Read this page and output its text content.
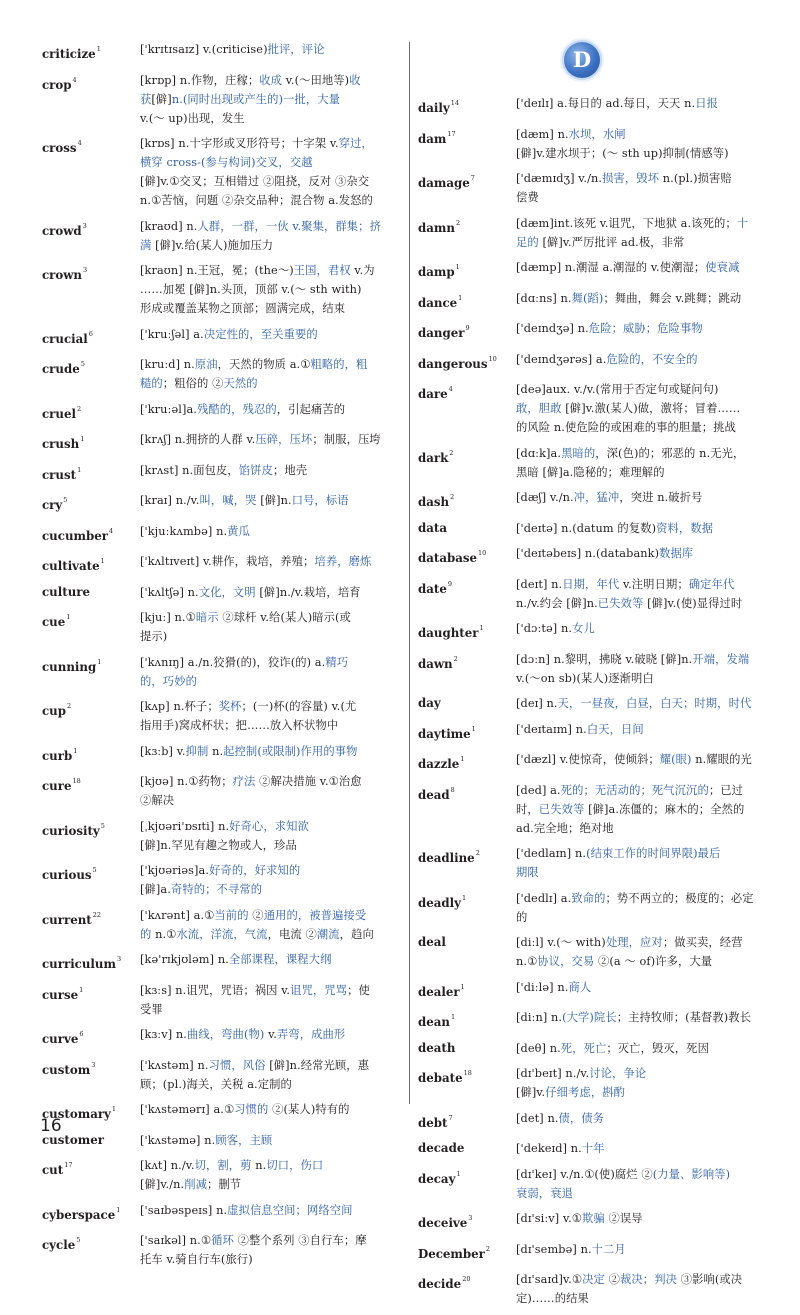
criticize$^1$	['krɪtɪsaɪz] v.(criticise)批评，评论
crop$^4$	[krɒp] n.作物，庄稼；收成 v.(～田地等)收
获[僻]n.(同时出现或产生的)一批，大量
v.(～ up)出现，发生
cross$^4$	[krɒs] n.十字形或叉形符号；十字架 v.穿过，
横穿 cross-(参与构词)交叉，交越
[僻]v.①交叉；互相错过 ②阻挠，反对 ③杂交
n.①苦恼，问题 ②杂交品种；混合物 a.发怒的
crowd$^3$	[kraʊd] n.人群，一群，一伙 v.聚集，群集；挤
满 [僻]v.给(某人)施加压力
crown$^3$	[kraʊn] n.王冠，冕；(the～)王国，君权 v.为
……加冕 [僻]n.头顶，顶部 v.(～ sth with)
形成或覆盖某物之顶部；圆满完成，结束
crucial$^6$	['kruːʃəl] a.决定性的，至关重要的
crude$^5$	[kruːd] n.原油，天然的物质 a.①粗略的，粗
糙的；粗俗的 ②天然的
cruel$^2$	['kruːəl]a.残酷的，残忍的，引起痛苦的
crush$^1$	[krʌʃ] n.拥挤的人群 v.压碎，压坏；制服，压垮
crust$^1$	[krʌst] n.面包皮，馅饼皮；地壳
cry$^5$	[kraɪ] n./v.叫，喊，哭 [僻]n.口号，标语
cucumber$^4$	['kjuːkʌmbə] n.黄瓜
cultivate$^1$	['kʌltɪveɪt] v.耕作，栽培，养殖；培养，磨炼
culture	['kʌltʃə] n.文化，文明 [僻]n./v.栽培，培育
cue$^1$	[kjuː] n.①暗示 ②球杆 v.给(某人)暗示(或
提示)
cunning$^1$	['kʌnɪŋ] a./n.狡猾(的)，狡诈(的) a.精巧
的，巧妙的
cup$^2$	[kʌp] n.杯子；奖杯；(一)杯(的容量) v.(尤
指用手)窝成杯状；把……放入杯状物中
curb$^1$	[kɜːb] v.抑制 n.起控制(或限制)作用的事物
cure$^{18}$	[kjʊə] n.①药物；疗法 ②解决措施 v.①治愈
②解决
curiosity$^5$	[ˌkjʊəri'ɒsɪti] n.好奇心，求知欲
[僻]n.罕见有趣之物或人，珍品
curious$^5$	['kjʊəriəs]a.好奇的，好求知的
[僻]a.奇特的；不寻常的
current$^{22}$	['kʌrənt] a.①当前的 ②通用的，被普遍接受
的 n.①水流，洋流，气流，电流 ②潮流，趋向
curriculum$^3$	[kə'rɪkjʊləm] n.全部课程，课程大纲
curse$^1$	[kɜːs] n.诅咒，咒语；祸因 v.诅咒，咒骂；使
受罪
curve$^6$	[kɜːv] n.曲线，弯曲(物) v.弄弯，成曲形
custom$^3$	['kʌstəm] n.习惯，风俗 [僻]n.经常光顾，惠
顾；(pl.)海关，关税 a.定制的
customary$^1$	['kʌstəmərɪ] a.①习惯的 ②(某人)特有的
customer	['kʌstəmə] n.顾客，主顾
cut$^{17}$	[kʌt] n./v.切，割，剪 n.切口，伤口
[僻]v./n.削减；删节
cyberspace$^1$	['saɪbəspeɪs] n.虚拟信息空间；网络空间
cycle$^5$	['saɪkəl] n.①循环 ②整个系列 ③自行车；摩
托车 v.骑自行车(旅行)
D
daily$^{14}$	['deɪlɪ] a.每日的 ad.每日，天天 n.日报
dam$^{17}$	[dæm] n.水坝，水闸
[僻]v.建水坝于；(～ sth up)抑制(情感等)
damage$^7$	['dæmɪdʒ] v./n.损害，毁坏 n.(pl.)损害赔
偿费
damn$^2$	[dæm]int.该死 v.诅咒，下地狱 a.该死的；十
足的 [僻]v.严厉批评 ad.极，非常
damp$^1$	[dæmp] n.潮湿 a.潮湿的 v.使潮湿；使衰减
dance$^1$	[dɑːns] n.舞(蹈)；舞曲，舞会 v.跳舞；跳动
danger$^9$	['deɪndʒə] n.危险；威胁；危险事物
dangerous$^{10}$	['deɪndʒərəs] a.危险的，不安全的
dare$^4$	[deə]aux. v./v.(常用于否定句或疑问句)
敢，胆敢 [僻]v.激(某人)做，激将；冒着……
的风险 n.使危险的或困难的事的胆量；挑战
dark$^2$	[dɑːk]a.黑暗的，深(色)的；邪恶的 n.无光，
黑暗 [僻]a.隐秘的；难理解的
dash$^2$	[dæʃ] v./n.冲，猛冲，突进 n.破折号
data	['deɪtə] n.(datum 的复数)资料，数据
database$^{10}$	['deɪtəbeɪs] n.(databank)数据库
date$^9$	[deɪt] n.日期，年代 v.注明日期；确定年代
n./v.约会 [僻]n.已失效等 [僻]v.(使)显得过时
daughter$^1$	['dɔːtə] n.女儿
dawn$^2$	[dɔːn] n.黎明，拂晓 v.破晓 [僻]n.开端，发端
v.(～on sb)(某人)逐渐明白
day	[deɪ] n.天，一昼夜，白昼，白天；时期，时代
daytime$^1$	['deɪtaɪm] n.白天，日间
dazzle$^1$	['dæzl] v.使惊奇，使倾斜；耀(眼) n.耀眼的光
dead$^8$	[ded] a.死的；无活动的；死气沉沉的；已过
时，已失效等 [僻]a.冻僵的；麻木的；全然的
ad.完全地；绝对地
deadline$^2$	['dedlaɪn] n.(结束工作的时间界限)最后
期限
deadly$^1$	['dedlɪ] a.致命的；势不两立的；极度的；必定
的
deal	[diːl] v.(～ with)处理，应对；做买卖，经营
n.①协议，交易 ②(a ～ of)许多，大量
dealer$^1$	['diːlə] n.商人
dean$^1$	[diːn] n.(大学)院长；主持牧师；(基督教)教长
death	[deθ] n.死，死亡；灭亡，毁灭，死因
debate$^{18}$	[dɪ'beɪt] n./v.讨论，争论
[僻]v.仔细考虑，斟酌
debt$^7$	[det] n.债，债务
decade	['dekeɪd] n.十年
decay$^1$	[dɪ'keɪ] v./n.①(使)腐烂 ②(力量、影响等)
衰弱，衰退
deceive$^3$	[dɪ'siːv] v.①欺骗 ②误导
December$^2$	[dɪ'sembə] n.十二月
decide$^{20}$	[dɪ'saɪd]v.①决定 ②裁决；判决 ③影响(或决
定)……的结果
16
